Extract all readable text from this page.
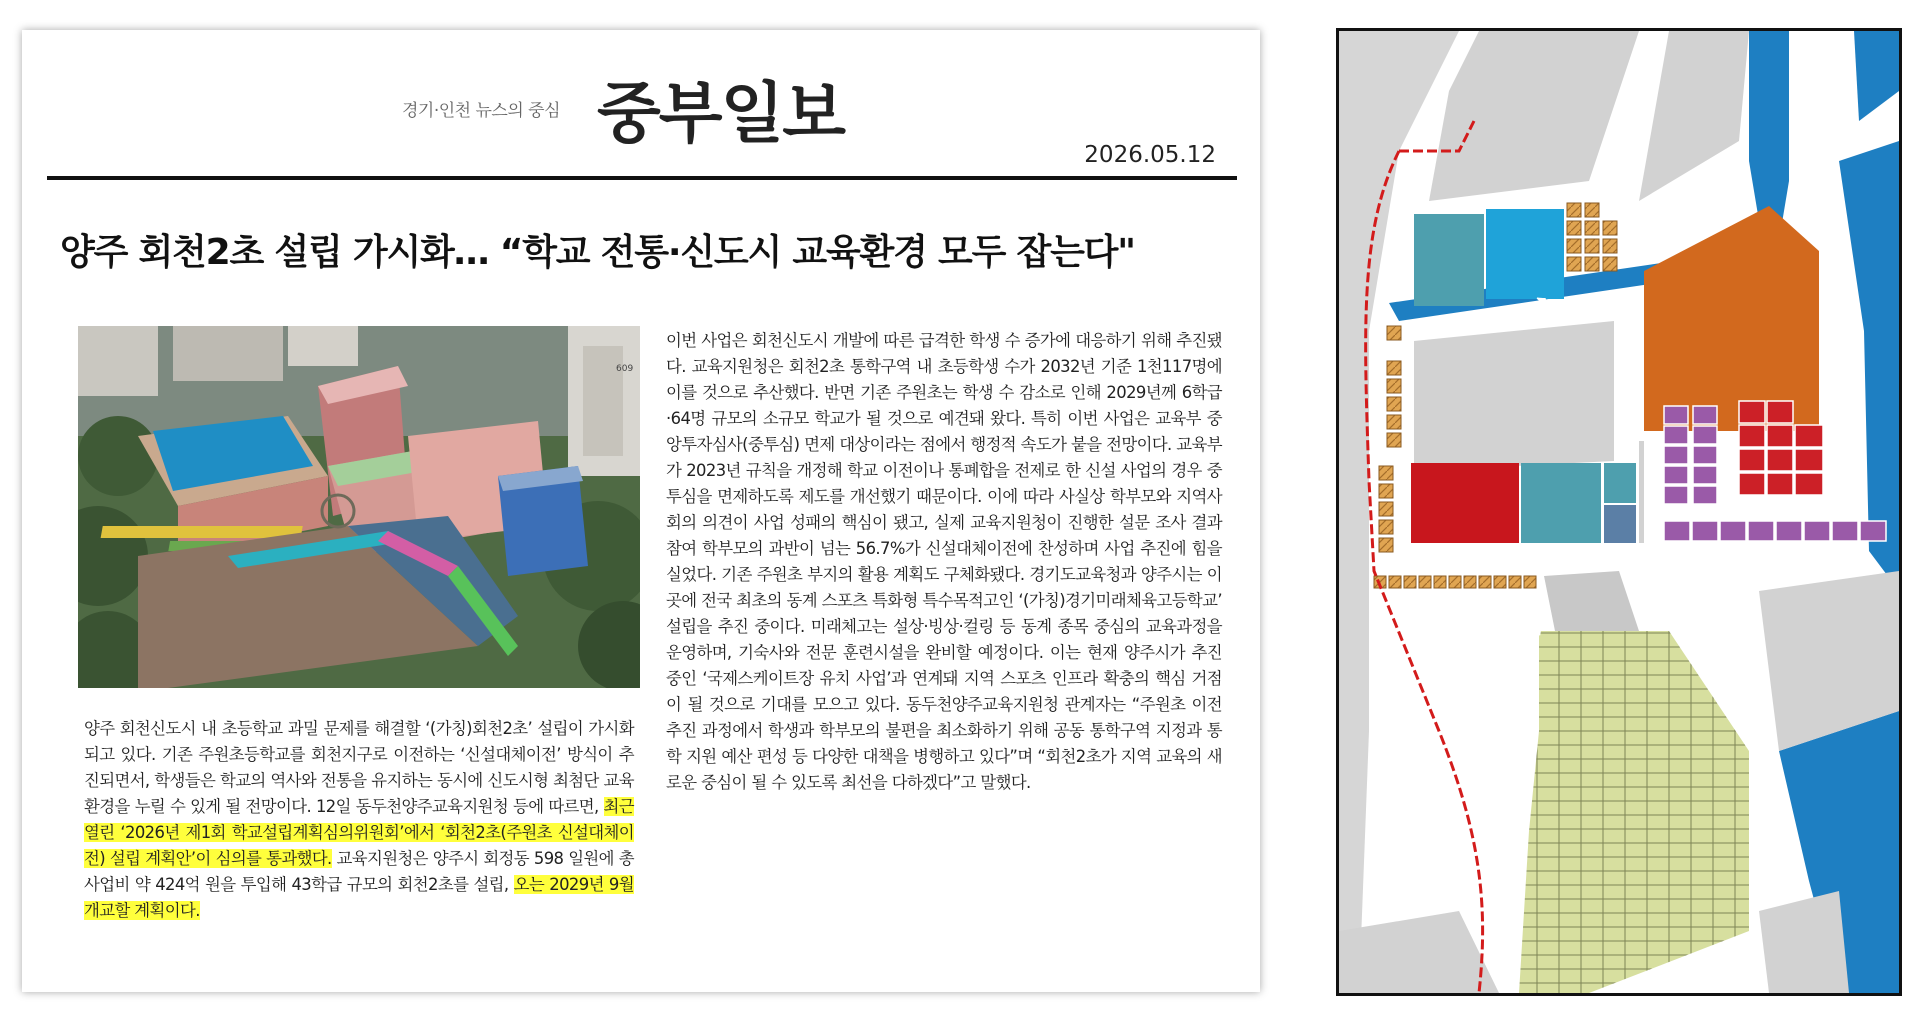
경기·인천 뉴스의 중심 중부일보
2026.05.12
양주 회천2초 설립 가시화… “학교 전통·신도시 교육환경 모두 잡는다"
609
양주 회천신도시 내 초등학교 과밀 문제를 해결할 ‘(가칭)회천2초’ 설립이 가시화되고 있다. 기존 주원초등학교를 회천지구로 이전하는 ‘신설대체이전’ 방식이 추진되면서, 학생들은 학교의 역사와 전통을 유지하는 동시에 신도시형 최첨단 교육환경을 누릴 수 있게 될 전망이다. 12일 동두천양주교육지원청 등에 따르면, 최근 열린 ‘2026년 제1회 학교설립계획심의위원회’에서 ‘회천2초(주원초 신설대체이전) 설립 계획안’이 심의를 통과했다. 교육지원청은 양주시 회정동 598 일원에 총사업비 약 424억 원을 투입해 43학급 규모의 회천2초를 설립, 오는 2029년 9월 개교할 계획이다.
이번 사업은 회천신도시 개발에 따른 급격한 학생 수 증가에 대응하기 위해 추진됐다. 교육지원청은 회천2초 통학구역 내 초등학생 수가 2032년 기준 1천117명에 이를 것으로 추산했다. 반면 기존 주원초는 학생 수 감소로 인해 2029년께 6학급·64명 규모의 소규모 학교가 될 것으로 예견돼 왔다. 특히 이번 사업은 교육부 중앙투자심사(중투심) 면제 대상이라는 점에서 행정적 속도가 붙을 전망이다. 교육부가 2023년 규칙을 개정해 학교 이전이나 통폐합을 전제로 한 신설 사업의 경우 중투심을 면제하도록 제도를 개선했기 때문이다. 이에 따라 사실상 학부모와 지역사회의 의견이 사업 성패의 핵심이 됐고, 실제 교육지원청이 진행한 설문 조사 결과 참여 학부모의 과반이 넘는 56.7%가 신설대체이전에 찬성하며 사업 추진에 힘을 실었다. 기존 주원초 부지의 활용 계획도 구체화됐다. 경기도교육청과 양주시는 이곳에 전국 최초의 동계 스포츠 특화형 특수목적고인 ‘(가칭)경기미래체육고등학교’ 설립을 추진 중이다. 미래체고는 설상·빙상·컬링 등 동계 종목 중심의 교육과정을 운영하며, 기숙사와 전문 훈련시설을 완비할 예정이다. 이는 현재 양주시가 추진 중인 ‘국제스케이트장 유치 사업’과 연계돼 지역 스포츠 인프라 확충의 핵심 거점이 될 것으로 기대를 모으고 있다. 동두천양주교육지원청 관계자는 “주원초 이전 추진 과정에서 학생과 학부모의 불편을 최소화하기 위해 공동 통학구역 지정과 통학 지원 예산 편성 등 다양한 대책을 병행하고 있다”며 “회천2초가 지역 교육의 새로운 중심이 될 수 있도록 최선을 다하겠다”고 말했다.
초2
당 사업지
